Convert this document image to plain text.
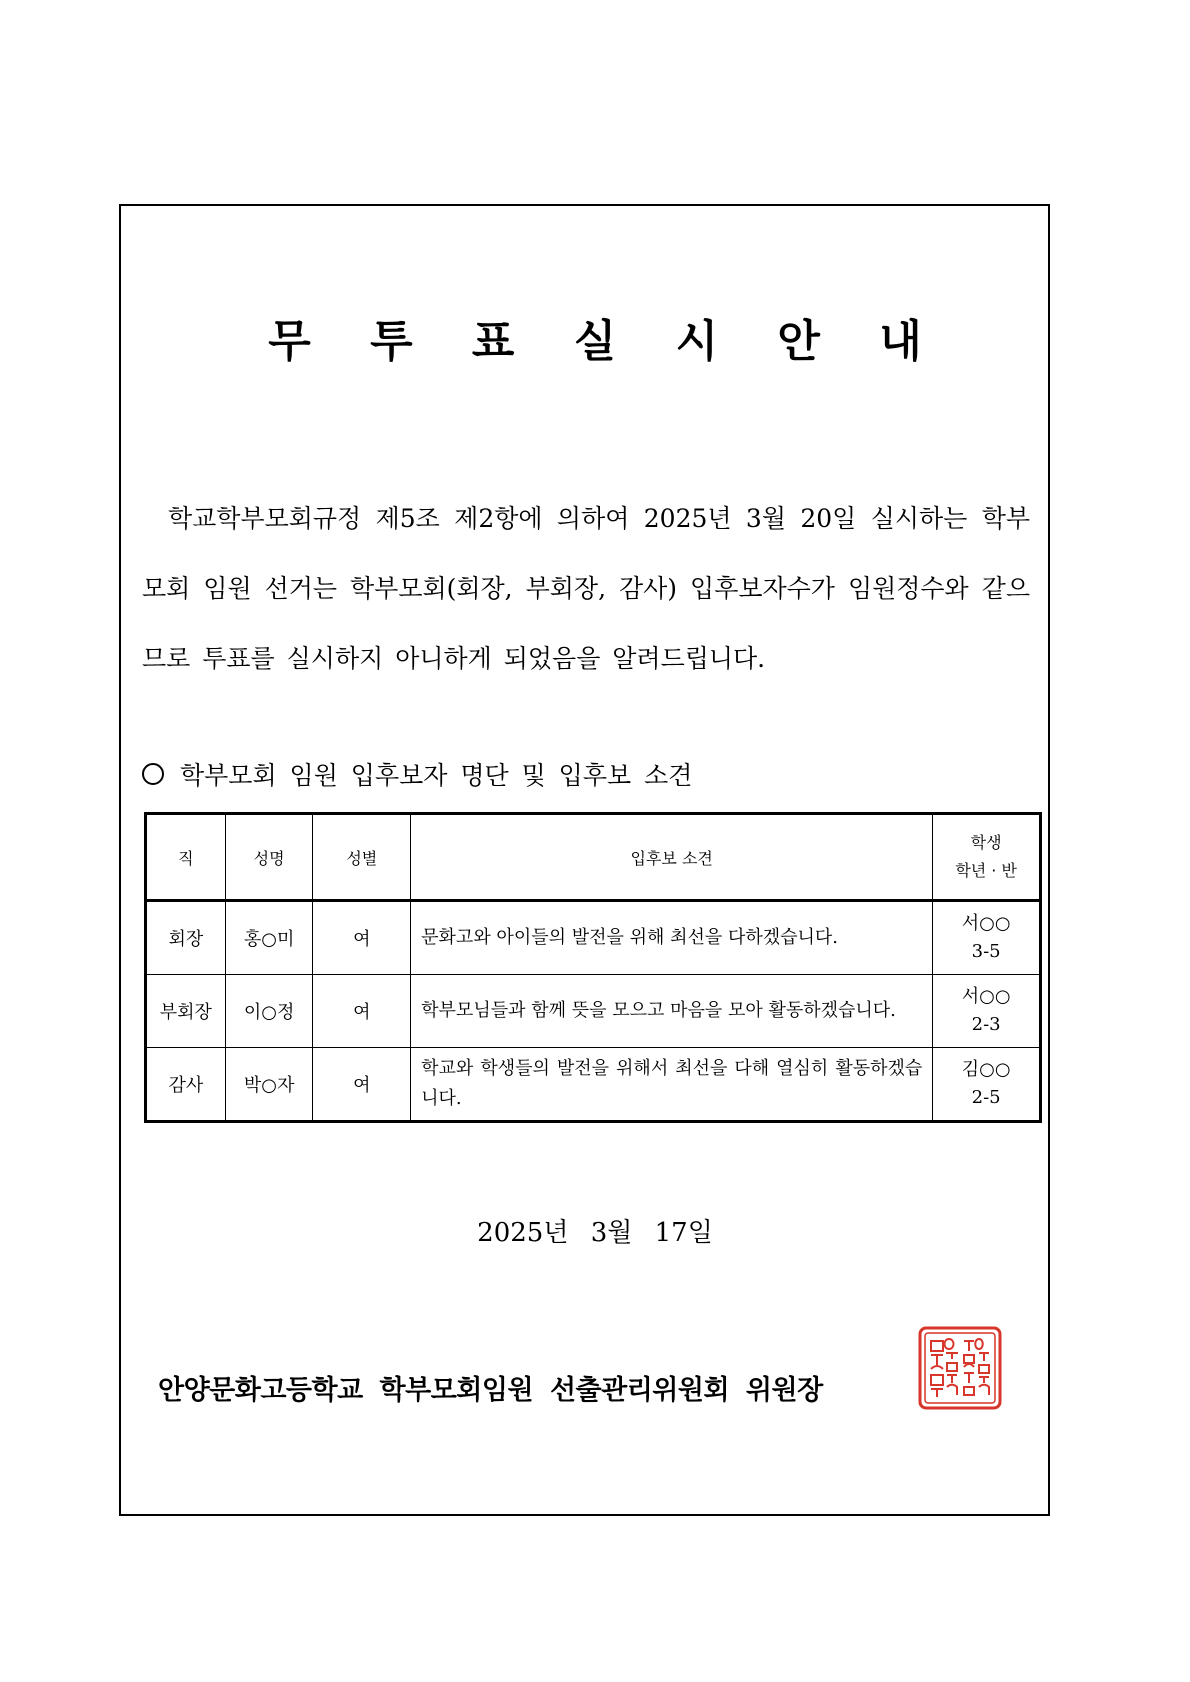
무 투 표 실 시 안 내
학교학부모회규정 제5조 제2항에 의하여 2025년 3월 20일 실시하는 학부모회 임원 선거는 학부모회(회장, 부회장, 감사) 입후보자수가 임원정수와 같으므로 투표를 실시하지 아니하게 되었음을 알려드립니다.
학부모회 임원 입후보자 명단 및 입후보 소견
직	성명	성별	입후보 소견	학생
학년 · 반

회장	홍○미	여	문화고와 아이들의 발전을 위해 최선을 다하겠습니다.	서○○
3-5

부회장	이○정	여	학부모님들과 함께 뜻을 모으고 마음을 모아 활동하겠습니다.	서○○
2-3

감사	박○자	여	학교와 학생들의 발전을 위해서 최선을 다해 열심히 활동하겠습니다.	김○○
2-5
2025년 3월 17일
안양문화고등학교 학부모회임원 선출관리위원회 위원장
